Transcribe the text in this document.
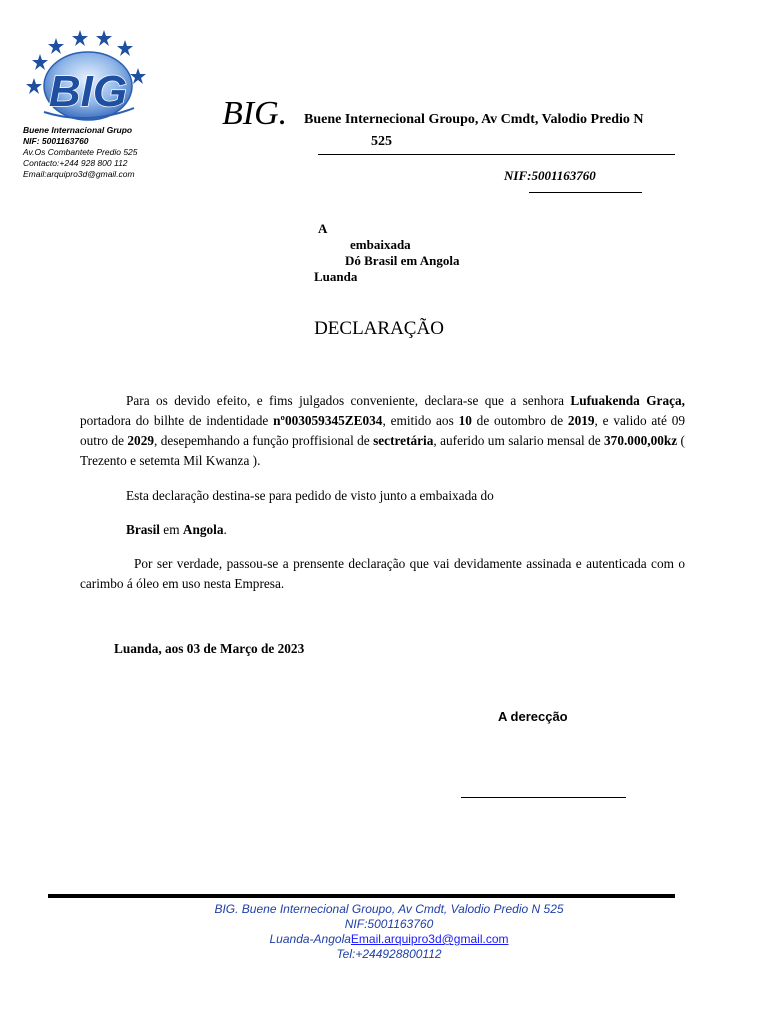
BIG
Buene Internacional Grupo
NIF: 5001163760
Av.Os Combantete Predio 525
Contacto:+244 928 800 112
Email:arquipro3d@gmail.com
BIG. Buene Internecional Groupo, Av Cmdt, Valodio Predio N
525
NIF:5001163760
A
embaixada
Dó Brasil em Angola
Luanda
DECLARAÇÃO
Para os devido efeito, e fims julgados conveniente, declara-se que a senhora Lufuakenda Graça, portadora do bilhte de indentidade nº003059345ZE034, emitido aos 10 de outombro de 2019, e valido até 09 outro de 2029, desepemhando a função proffisional de sectretária, auferido um salario mensal de 370.000,00kz ( Trezento e setemta Mil Kwanza ).
Esta declaração destina-se para pedido de visto junto a embaixada do
Brasil em Angola.
Por ser verdade, passou-se a prensente declaração que vai devidamente assinada e autenticada com o carimbo á óleo em uso nesta Empresa.
Luanda, aos 03 de Março de 2023
A derecção
BIG. Buene Internecional Groupo, Av Cmdt, Valodio Predio N 525
NIF:5001163760
Luanda-AngolaEmail.arquipro3d@gmail.com
Tel:+244928800112
